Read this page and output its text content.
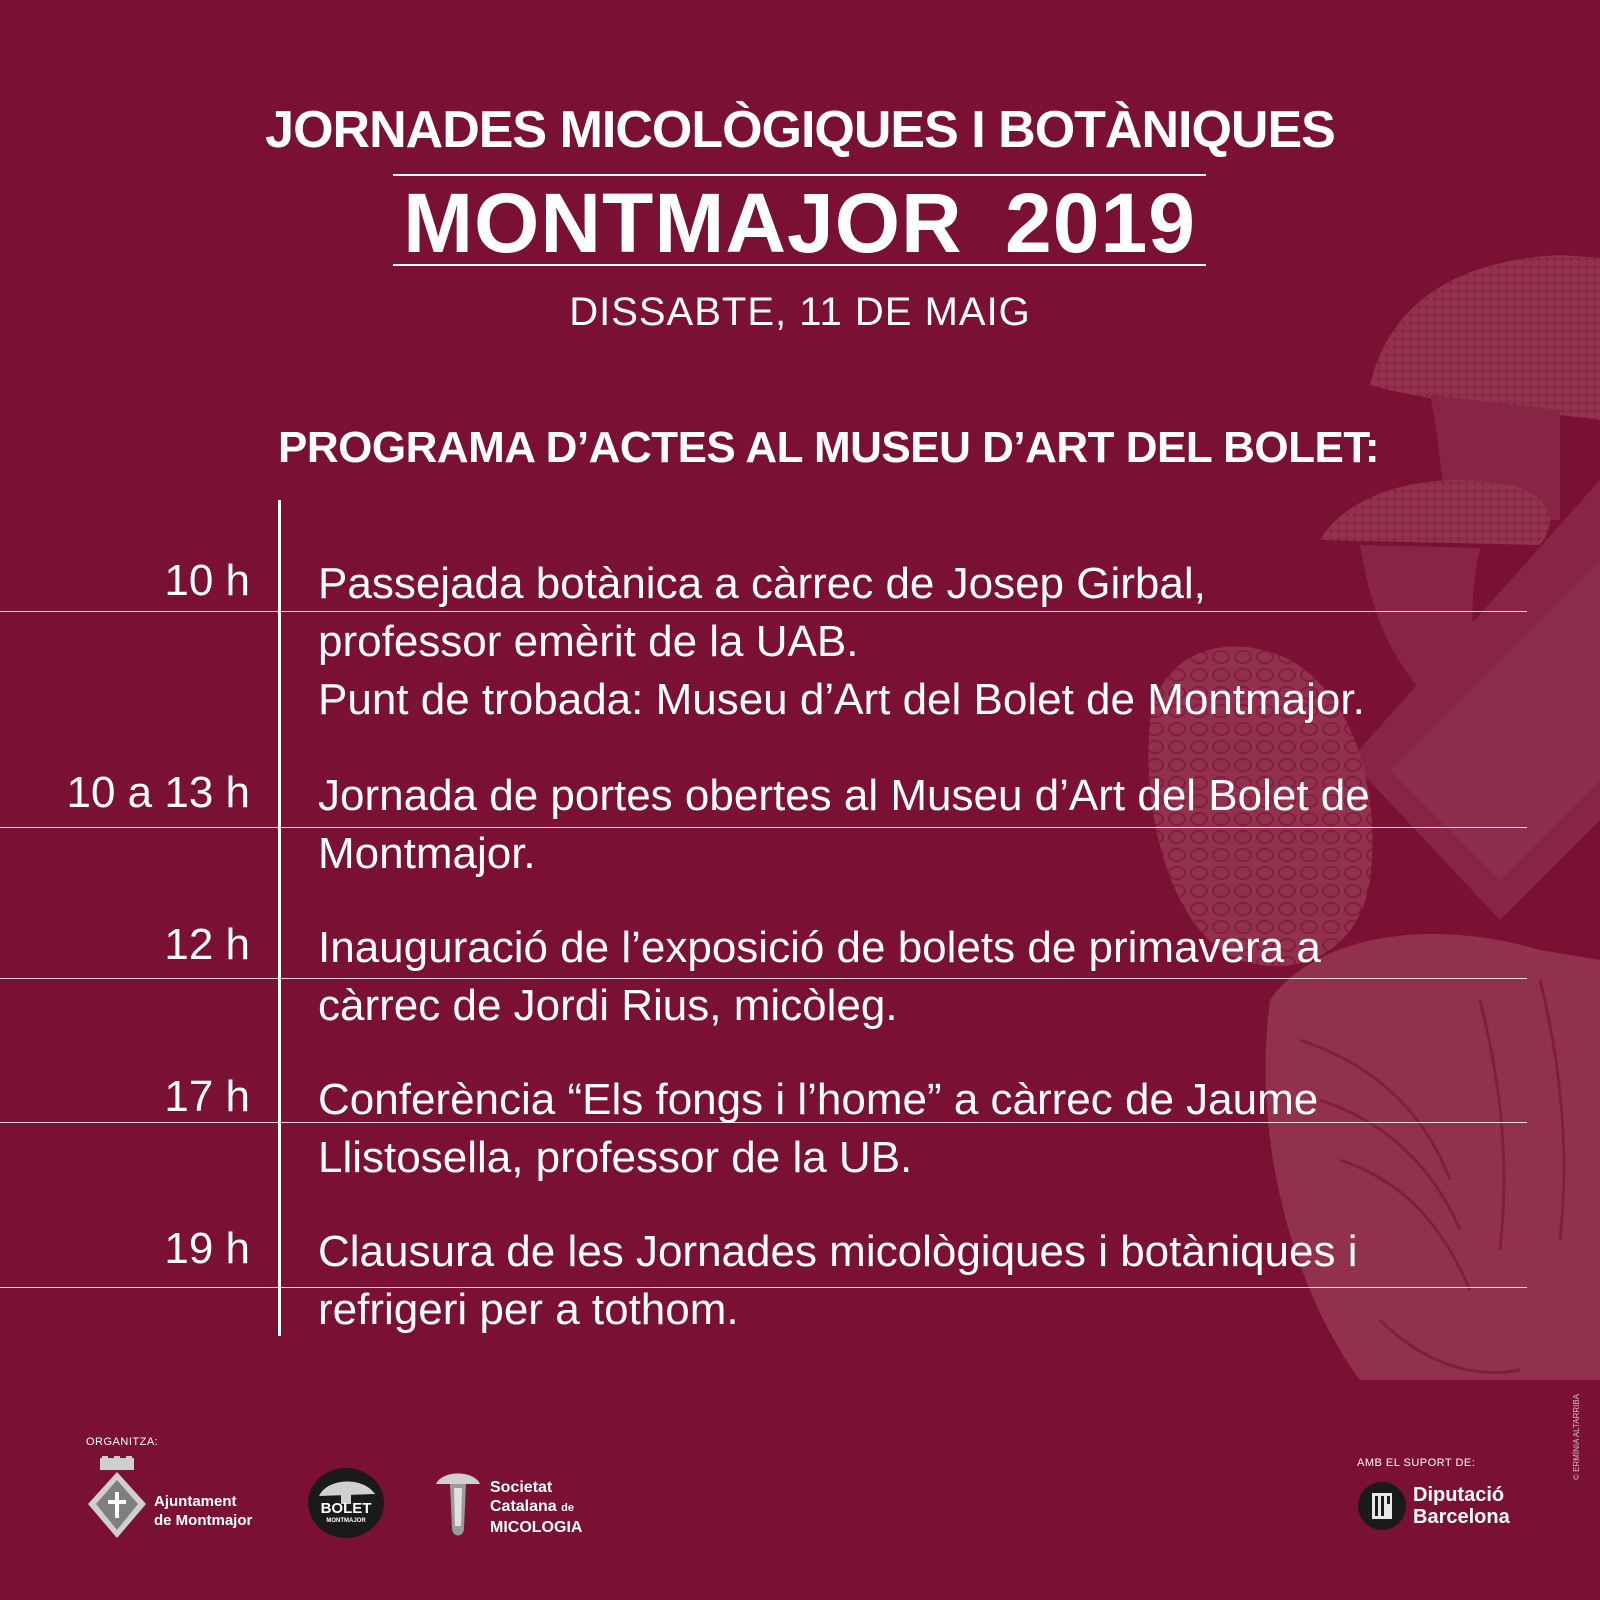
JORNADES MICOLÒGIQUES I BOTÀNIQUES
MONTMAJOR 2019
DISSABTE, 11 DE MAIG
PROGRAMA D’ACTES AL MUSEU D’ART DEL BOLET:
10 h Passejada botànica a càrrec de Josep Girbal,
professor emèrit de la UAB.
Punt de trobada: Museu d’Art del Bolet de Montmajor.
10 a 13 h Jornada de portes obertes al Museu d’Art del Bolet de
Montmajor.
12 h Inauguració de l’exposició de bolets de primavera a
càrrec de Jordi Rius, micòleg.
17 h Conferència “Els fongs i l’home” a càrrec de Jaume
Llistosella, professor de la UB.
19 h Clausura de les Jornades micològiques i botàniques i
refrigeri per a tothom.
ORGANITZA:
Ajuntament
de Montmajor
BOLET
MONTMAJOR
Societat
Catalana de
MICOLOGIA
AMB EL SUPORT DE:
Diputació
Barcelona
© ERMÍNIA ALTARRIBA
